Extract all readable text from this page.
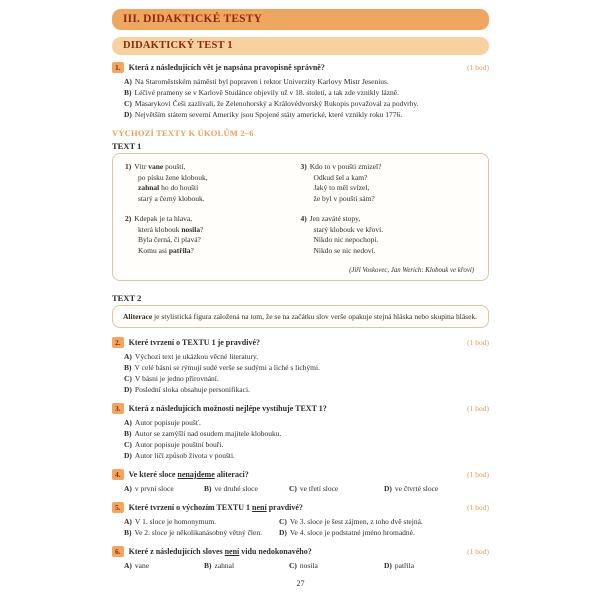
III. DIDAKTICKÉ TESTY
DIDAKTICKÝ TEST 1
1.	Která z následujících vět je napsána pravopisně správně?	(1 bod)
A) Na Staroměstském náměstí byl popraven i rektor Univerzity Karlovy Mistr Jesenius.
B) Léčivé prameny se v Karlově Studánce objevily už v 18. století, a tak zde vznikly lázně.
C) Masarykovi Češi zazlívali, že Zelenohorský a Královédvorský Rukopis považoval za podvrhy.
D) Největším státem severní Ameriky jsou Spojené státy americké, které vznikly roku 1776.
VÝCHOZÍ TEXTY K ÚKOLŮM 2–6
TEXT 1
1) Vítr vane pouští,
po písku žene klobouk,
zahnal ho do houští
starý a černý klobouk.
2) Kdepak je ta hlava,
která klobouk nosila?
Byla černá, či plavá?
Komu asi patřila?
3) Kdo to v poušti zmizel?
Odkud šel a kam?
Jaký to měl svízel,
že byl v poušti sám?
4) Jen zaváté stopy,
starý klobouk ve křoví.
Nikdo nic nepochopí.
Nikdo se nic nedoví.
(Jiří Voskovec, Jan Werich: Klobouk ve křoví)
TEXT 2
Aliterace je stylistická figura založená na tom, že se na začátku slov verše opakuje stejná hláska nebo skupina hlásek.
2.	Které tvrzení o TEXTU 1 je pravdivé?	(1 bod)
A) Výchozí text je ukázkou věcné literatury.
B) V celé básni se rýmují sudé verše se sudými a liché s lichými.
C) V básni je jedno přirovnání.
D) Poslední sloka obsahuje personifikaci.
3.	Která z následujících možností nejlépe vystihuje TEXT 1?	(1 bod)
A) Autor popisuje poušť.
B) Autor se zamýšlí nad osudem majitele klobouku.
C) Autor popisuje pouštní bouři.
D) Autor líčí způsob života v poušti.
4.	Ve které sloce nenajdeme aliteraci?	(1 bod)
A) v první sloce	B) ve druhé sloce	C) ve třetí sloce	D) ve čtvrté sloce
5.	Které tvrzení o výchozím TEXTU 1 není pravdivé?	(1 bod)
A) V 1. sloce je homonymum.	C) Ve 3. sloce je šest zájmen, z toho dvě stejná.
B) Ve 2. sloce je několikanásobný větný člen.	D) Ve 4. sloce je podstatné jméno hromadné.
6.	Které z následujících sloves není vidu nedokonavého?	(1 bod)
A) vane	B) zahnal	C) nosila	D) patřila
27
